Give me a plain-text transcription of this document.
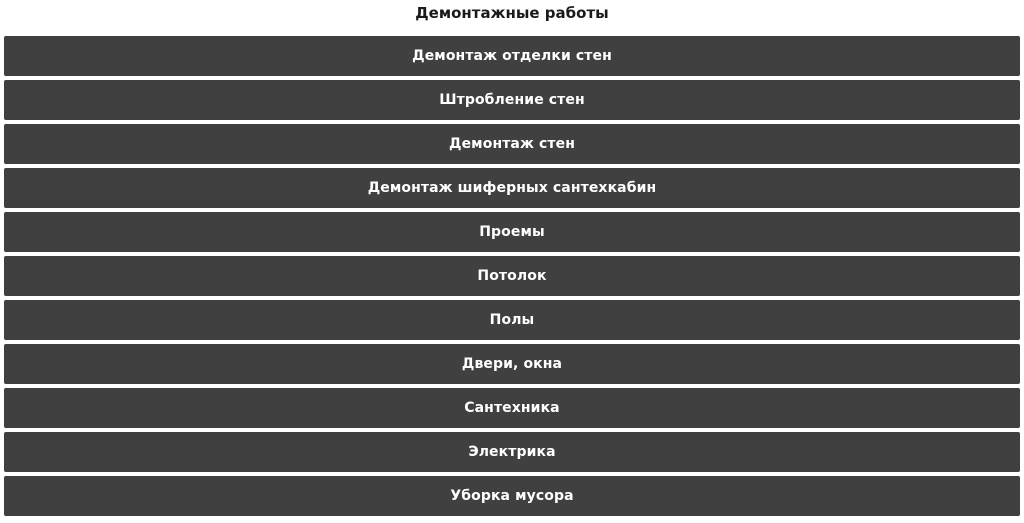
Демонтажные работы
Демонтаж отделки стен
Штробление стен
Демонтаж стен
Демонтаж шиферных сантехкабин
Проемы
Потолок
Полы
Двери, окна
Сантехника
Электрика
Уборка мусора
